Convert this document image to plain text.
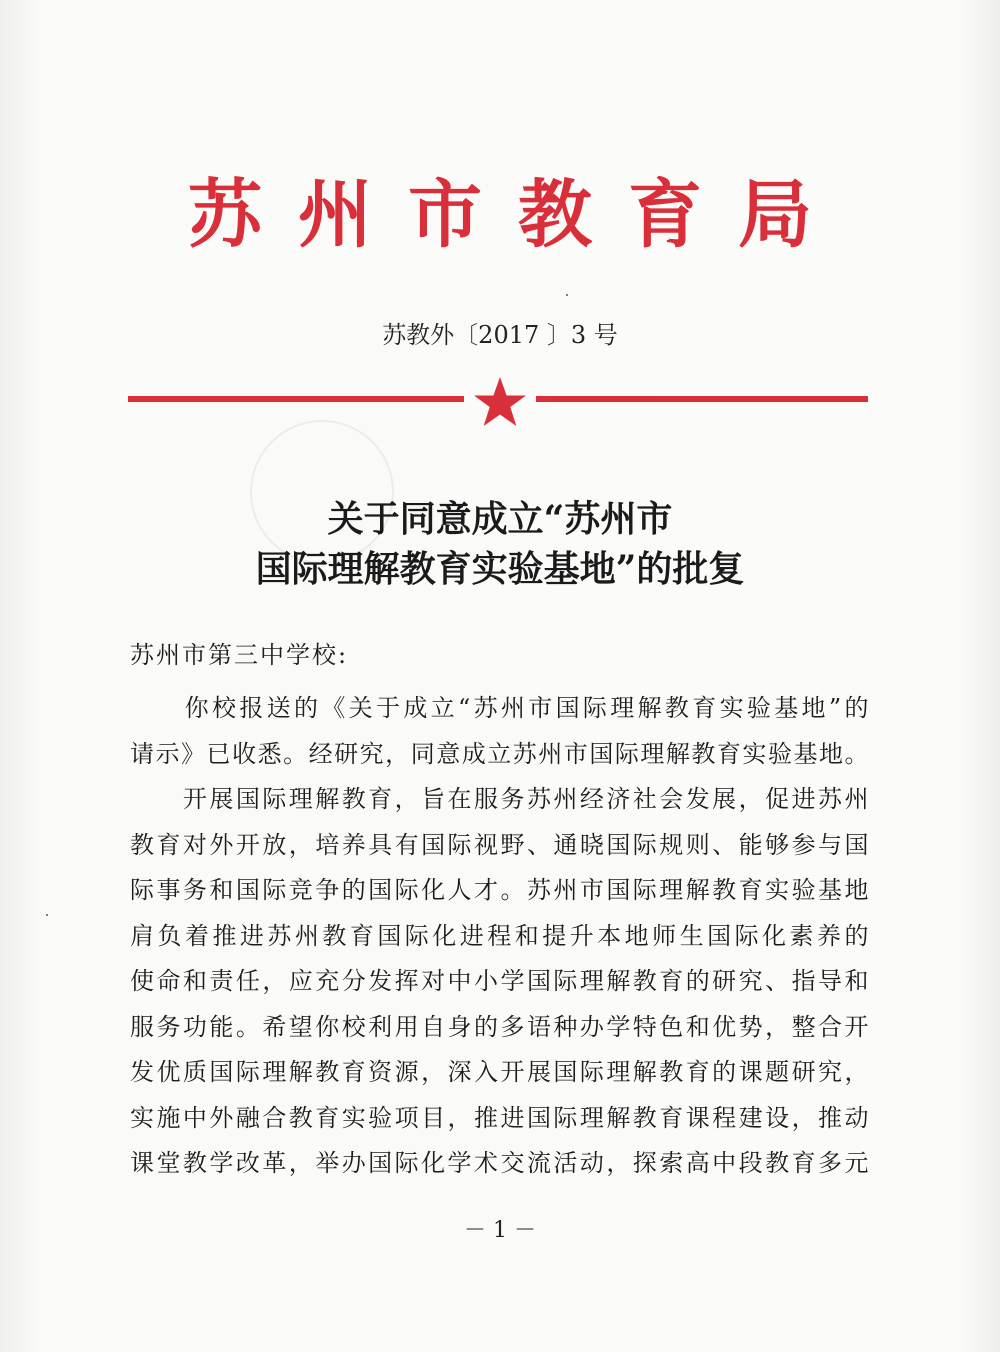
苏州市教育局
苏教外〔2017 〕3 号
关于同意成立“苏州市
国际理解教育实验基地”的批复
苏州市第三中学校:
　　你校报送的《关于成立“苏州市国际理解教育实验基地”的
请示》已收悉。经研究，同意成立苏州市国际理解教育实验基地。
　　开展国际理解教育，旨在服务苏州经济社会发展，促进苏州
教育对外开放，培养具有国际视野、通晓国际规则、能够参与国
际事务和国际竞争的国际化人才。苏州市国际理解教育实验基地
肩负着推进苏州教育国际化进程和提升本地师生国际化素养的
使命和责任，应充分发挥对中小学国际理解教育的研究、指导和
服务功能。希望你校利用自身的多语种办学特色和优势，整合开
发优质国际理解教育资源，深入开展国际理解教育的课题研究，
实施中外融合教育实验项目，推进国际理解教育课程建设，推动
课堂教学改革，举办国际化学术交流活动，探索高中段教育多元
－ 1 －
